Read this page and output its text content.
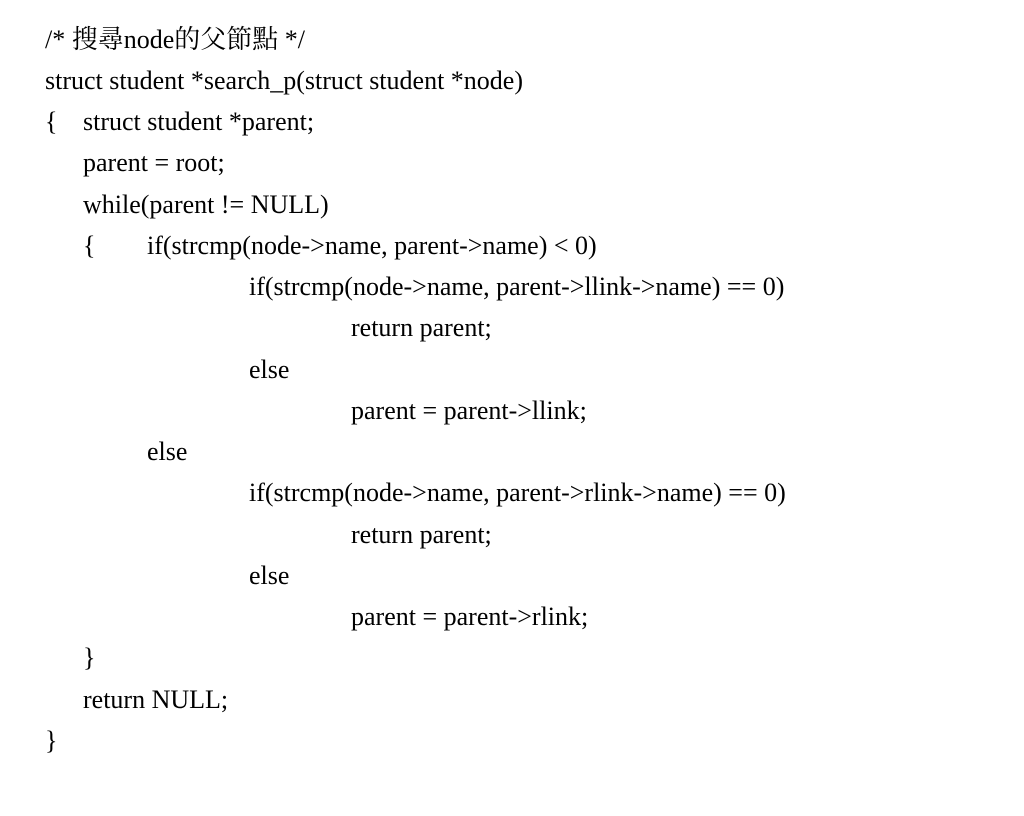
/* 搜尋node的父節點 */

struct student *search_p(struct student *node)

{

struct student *parent;

parent = root;

while(parent != NULL)

{

if(strcmp(node->name, parent->name) < 0)

if(strcmp(node->name, parent->llink->name) == 0)

return parent;

else

parent = parent->llink;

else

if(strcmp(node->name, parent->rlink->name) == 0)

return parent;

else

parent = parent->rlink;

}

return NULL;

}
